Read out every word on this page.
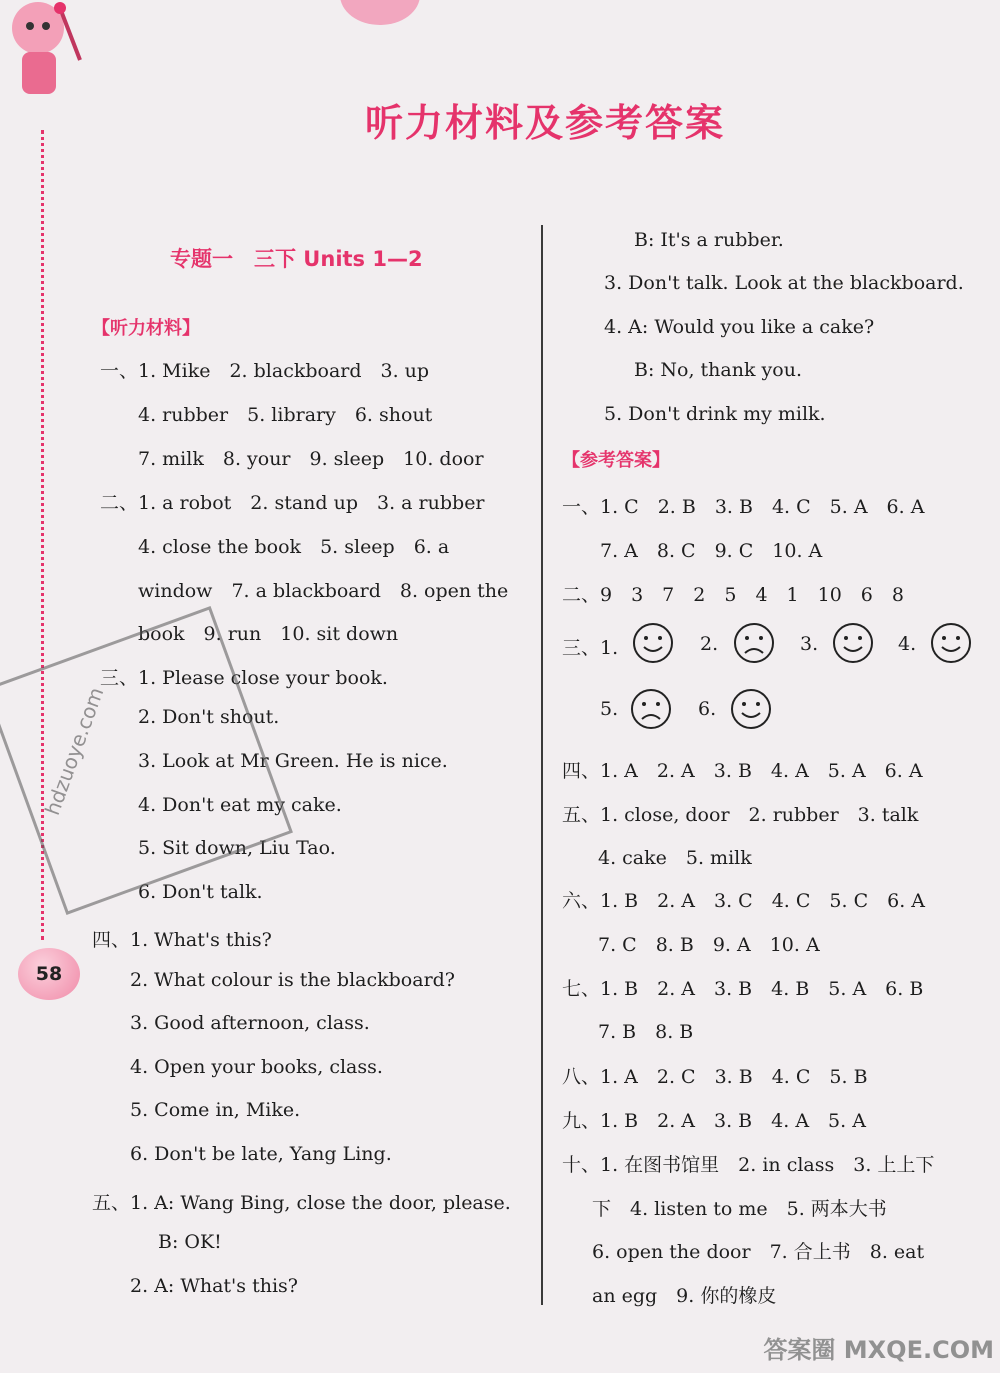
58
听力材料及参考答案
专题一　三下 Units 1—2
【听力材料】
一、1. Mike　2. blackboard　3. up
4. rubber　5. library　6. shout
7. milk　8. your　9. sleep　10. door
二、1. a robot　2. stand up　3. a rubber
4. close the book　5. sleep　6. a
window　7. a blackboard　8. open the
book　9. run　10. sit down
三、1. Please close your book.
2. Don't shout.
3. Look at Mr Green. He is nice.
4. Don't eat my cake.
5. Sit down, Liu Tao.
6. Don't talk.
四、1. What's this?
2. What colour is the blackboard?
3. Good afternoon, class.
4. Open your books, class.
5. Come in, Mike.
6. Don't be late, Yang Ling.
五、1. A: Wang Bing, close the door, please.
B: OK!
2. A: What's this?
B: It's a rubber.
3. Don't talk. Look at the blackboard.
4. A: Would you like a cake?
B: No, thank you.
5. Don't drink my milk.
【参考答案】
一、1. C　2. B　3. B　4. C　5. A　6. A
7. A　8. C　9. C　10. A
二、9　3　7　2　5　4　1　10　6　8
三、1.	2.	3.	4.
5.	6.
四、1. A　2. A　3. B　4. A　5. A　6. A
五、1. close, door　2. rubber　3. talk
4. cake　5. milk
六、1. B　2. A　3. C　4. C　5. C　6. A
7. C　8. B　9. A　10. A
七、1. B　2. A　3. B　4. B　5. A　6. B
7. B　8. B
八、1. A　2. C　3. B　4. C　5. B
九、1. B　2. A　3. B　4. A　5. A
十、1. 在图书馆里　2. in class　3. 上上下
下　4. listen to me　5. 两本大书
6. open the door　7. 合上书　8. eat
an egg　9. 你的橡皮
hdzuoye.com
答案圈 MXQE.COM
